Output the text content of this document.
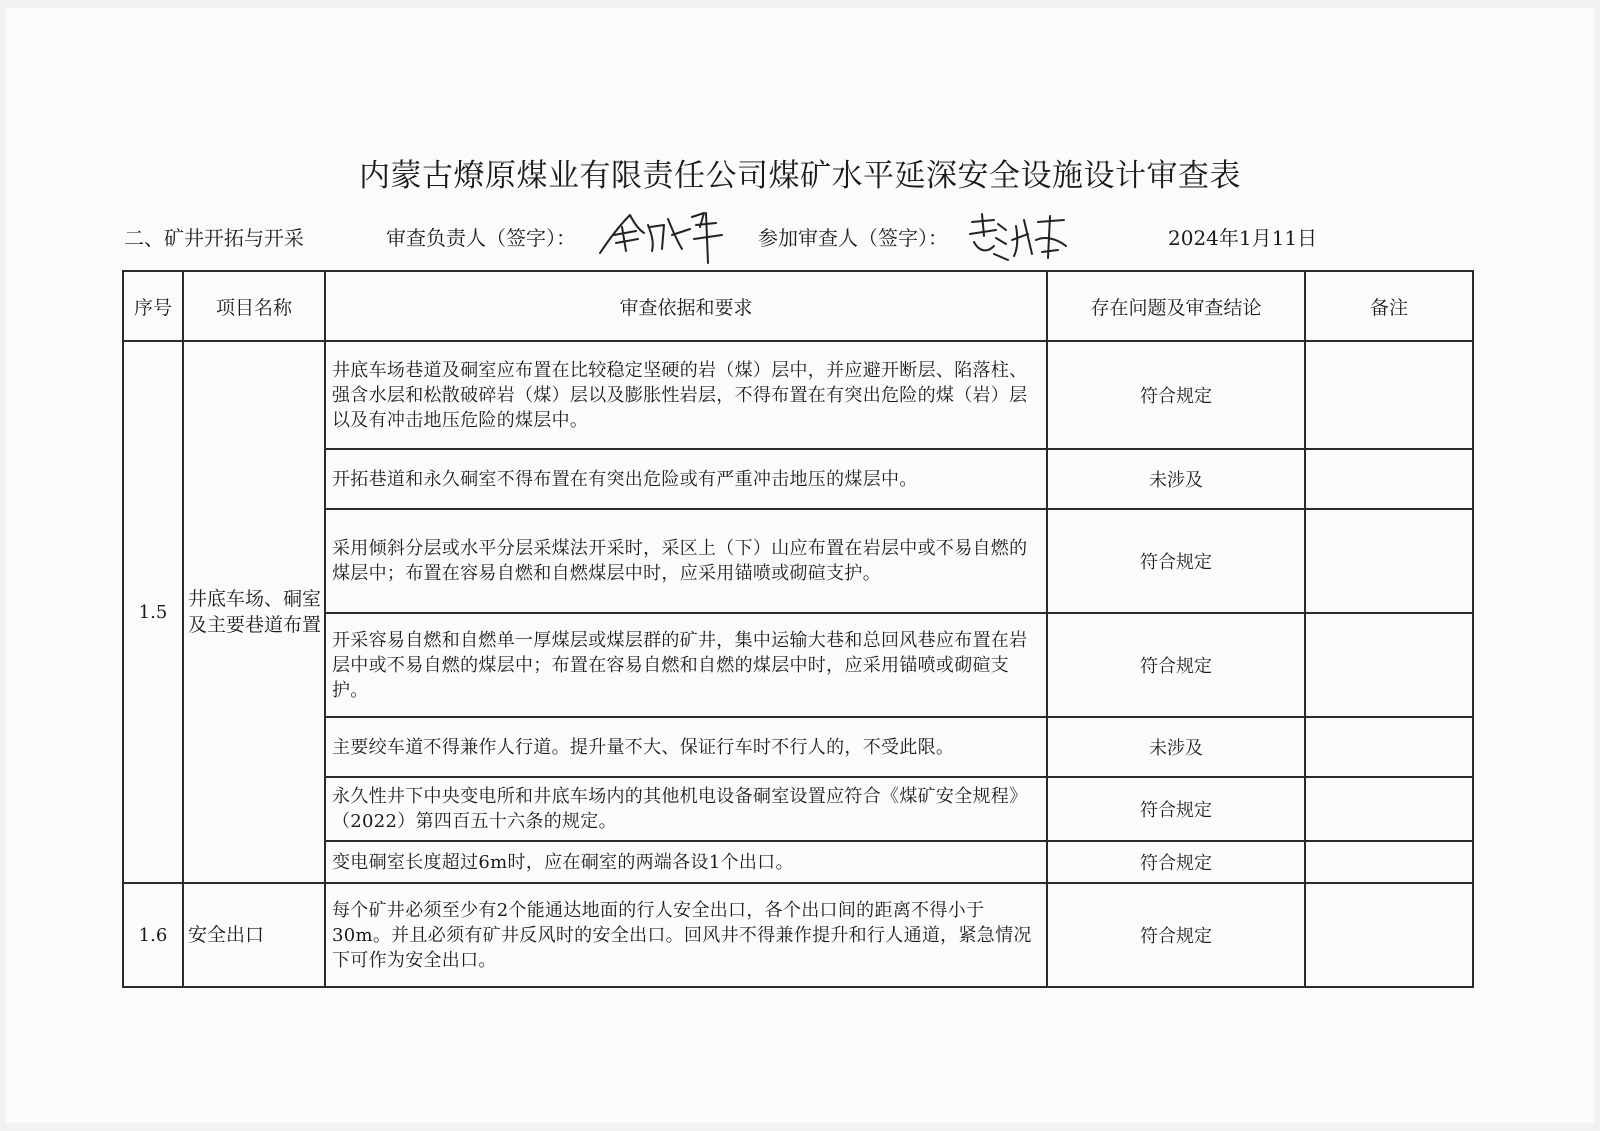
内蒙古燎原煤业有限责任公司煤矿水平延深安全设施设计审查表
二、矿井开拓与开采	审查负责人（签字）：	参加审查人（签字）：	2024年1月11日
序号	项目名称	审查依据和要求	存在问题及审查结论	备注
1.5	井底车场、硐室及主要巷道布置	井底车场巷道及硐室应布置在比较稳定坚硬的岩（煤）层中，并应避开断层、陷落柱、强含水层和松散破碎岩（煤）层以及膨胀性岩层，不得布置在有突出危险的煤（岩）层以及有冲击地压危险的煤层中。	符合规定	
		开拓巷道和永久硐室不得布置在有突出危险或有严重冲击地压的煤层中。	未涉及	
		采用倾斜分层或水平分层采煤法开采时，采区上（下）山应布置在岩层中或不易自燃的煤层中；布置在容易自燃和自燃煤层中时，应采用锚喷或砌碹支护。	符合规定	
		开采容易自燃和自燃单一厚煤层或煤层群的矿井，集中运输大巷和总回风巷应布置在岩层中或不易自燃的煤层中；布置在容易自燃和自燃的煤层中时，应采用锚喷或砌碹支护。	符合规定	
		主要绞车道不得兼作人行道。提升量不大、保证行车时不行人的，不受此限。	未涉及	
		永久性井下中央变电所和井底车场内的其他机电设备硐室设置应符合《煤矿安全规程》（2022）第四百五十六条的规定。	符合规定	
		变电硐室长度超过6m时，应在硐室的两端各设1个出口。	符合规定	
1.6	安全出口	每个矿井必须至少有2个能通达地面的行人安全出口，各个出口间的距离不得小于30m。并且必须有矿井反风时的安全出口。回风井不得兼作提升和行人通道，紧急情况下可作为安全出口。	符合规定	
